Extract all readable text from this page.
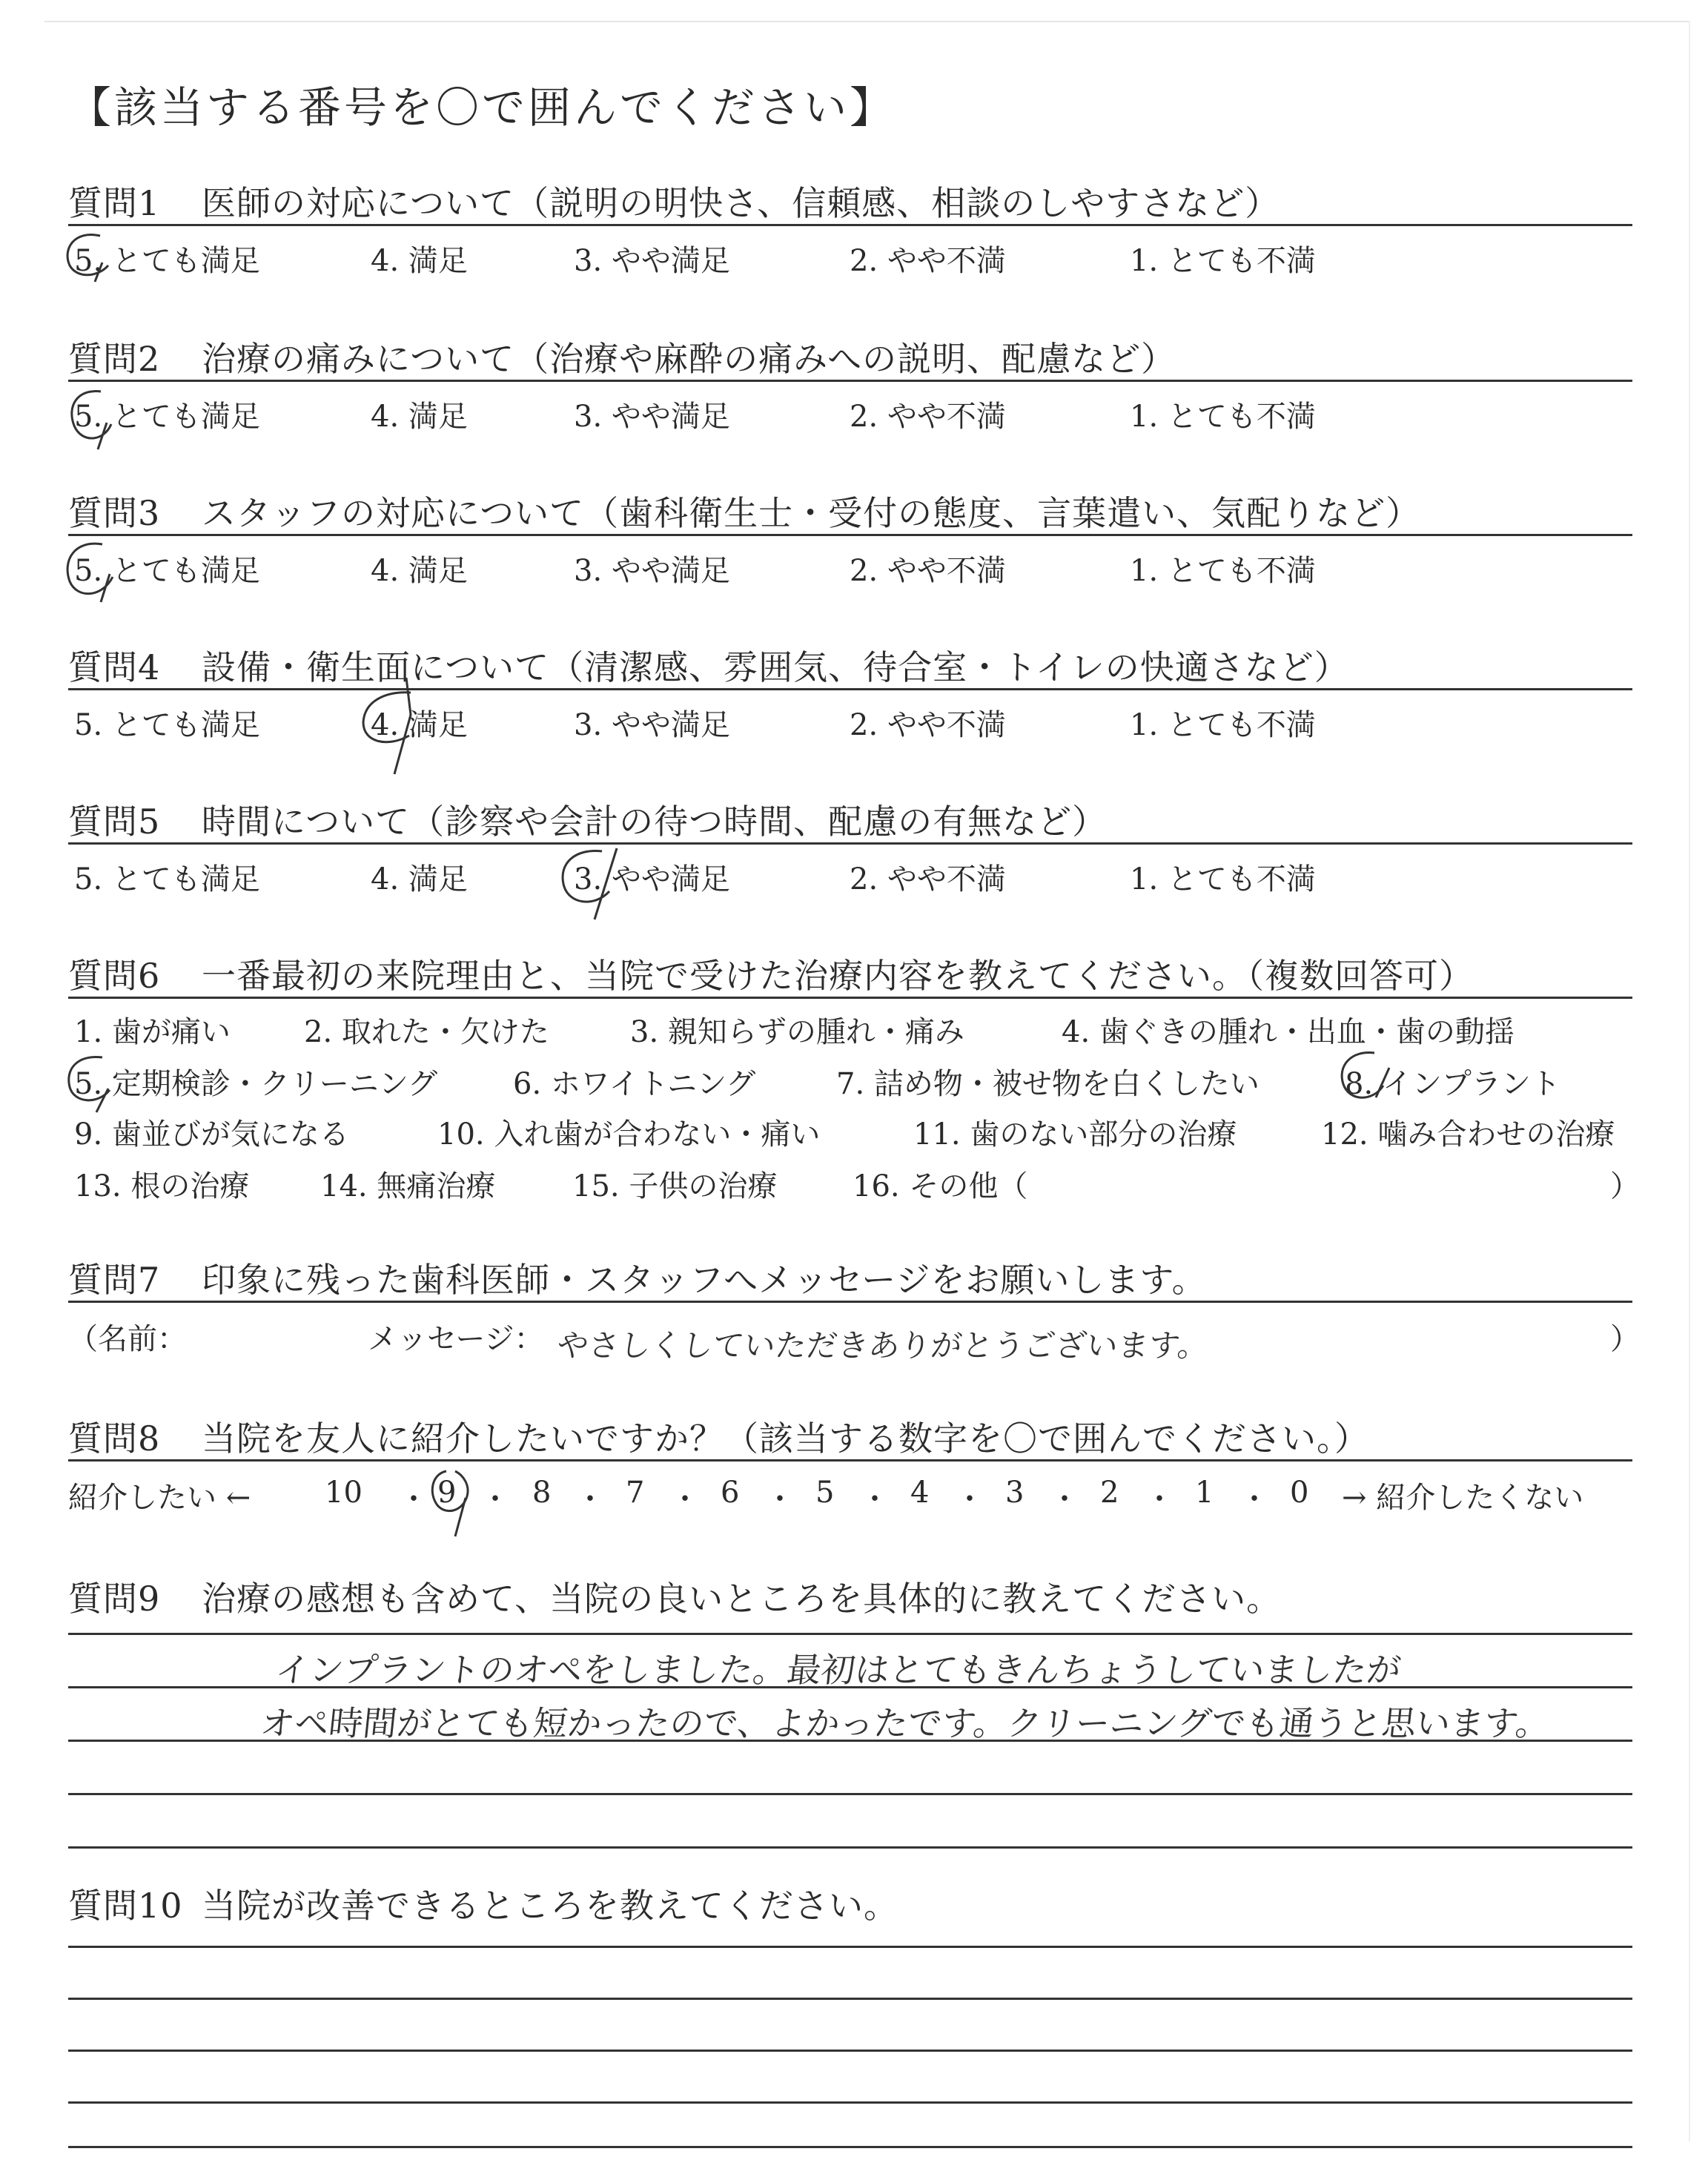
【該当する番号を〇で囲んでください】
質問1 医師の対応について（説明の明快さ、信頼感、相談のしやすさなど）
5. とても満足	4. 満足	3. やや満足	2. やや不満	1. とても不満
質問2 治療の痛みについて（治療や麻酔の痛みへの説明、配慮など）
5. とても満足	4. 満足	3. やや満足	2. やや不満	1. とても不満
質問3 スタッフの対応について（歯科衛生士・受付の態度、言葉遣い、気配りなど）
5. とても満足	4. 満足	3. やや満足	2. やや不満	1. とても不満
質問4 設備・衛生面について（清潔感、雰囲気、待合室・トイレの快適さなど）
5. とても満足	4. 満足	3. やや満足	2. やや不満	1. とても不満
質問5 時間について（診察や会計の待つ時間、配慮の有無など）
5. とても満足	4. 満足	3. やや満足	2. やや不満	1. とても不満
質問6 一番最初の来院理由と、当院で受けた治療内容を教えてください。（複数回答可）
1. 歯が痛い 2. 取れた・欠けた	3. 親知らずの腫れ・痛み	4. 歯ぐきの腫れ・出血・歯の動揺
5. 定期検診・クリーニング	6. ホワイトニング	7. 詰め物・被せ物を白くしたい	8. インプラント
9. 歯並びが気になる	10. 入れ歯が合わない・痛い	11. 歯のない部分の治療	12. 噛み合わせの治療
13. 根の治療 14. 無痛治療	15. 子供の治療	16. その他（	）
質問7 印象に残った歯科医師・スタッフへメッセージをお願いします。
（名前：	メッセージ： やさしくしていただきありがとうございます。	）
質問8 当院を友人に紹介したいですか？（該当する数字を〇で囲んでください。）
紹介したい ← 10 ・ 9 ・ 8 ・ 7 ・ 6 ・ 5 ・ 4 ・ 3 ・ 2 ・ 1 ・ 0 → 紹介したくない
質問9 治療の感想も含めて、当院の良いところを具体的に教えてください。
インプラントのオペをしました。最初はとてもきんちょうしていましたが
オペ時間がとても短かったので、よかったです。クリーニングでも通うと思います。
質問10 当院が改善できるところを教えてください。
